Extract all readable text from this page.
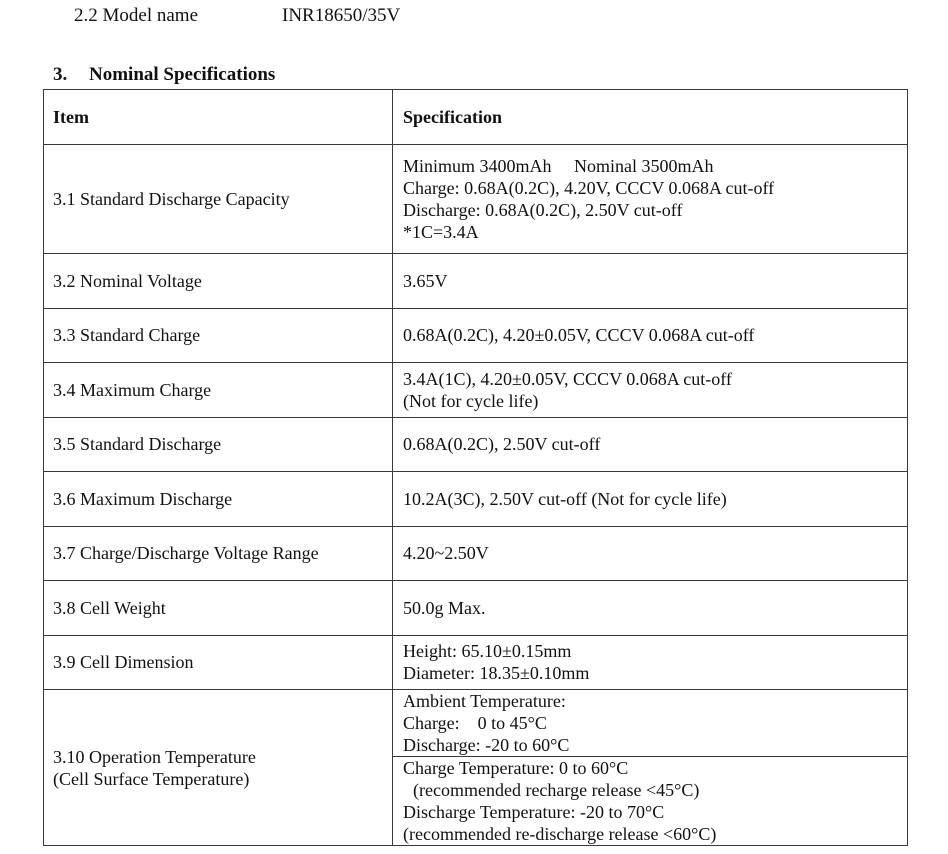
2.2 Model name	INR18650/35V
3. Nominal Specifications
Item	Specification
3.1 Standard Discharge Capacity	Minimum 3400mAh     Nominal 3500mAh
Charge: 0.68A(0.2C), 4.20V, CCCV 0.068A cut-off
Discharge: 0.68A(0.2C), 2.50V cut-off
*1C=3.4A

3.2 Nominal Voltage	3.65V

3.3 Standard Charge	0.68A(0.2C), 4.20±0.05V, CCCV 0.068A cut-off

3.4 Maximum Charge	3.4A(1C), 4.20±0.05V, CCCV 0.068A cut-off
(Not for cycle life)

3.5 Standard Discharge	0.68A(0.2C), 2.50V cut-off

3.6 Maximum Discharge	10.2A(3C), 2.50V cut-off (Not for cycle life)

3.7 Charge/Discharge Voltage Range	4.20~2.50V

3.8 Cell Weight	50.0g Max.

3.9 Cell Dimension	Height: 65.10±0.15mm
Diameter: 18.35±0.10mm

3.10 Operation Temperature
(Cell Surface Temperature)	Ambient Temperature:
Charge:    0 to 45°C
Discharge: -20 to 60°C

	Charge Temperature: 0 to 60°C
(recommended recharge release <45°C)
Discharge Temperature: -20 to 70°C
(recommended re-discharge release <60°C)
